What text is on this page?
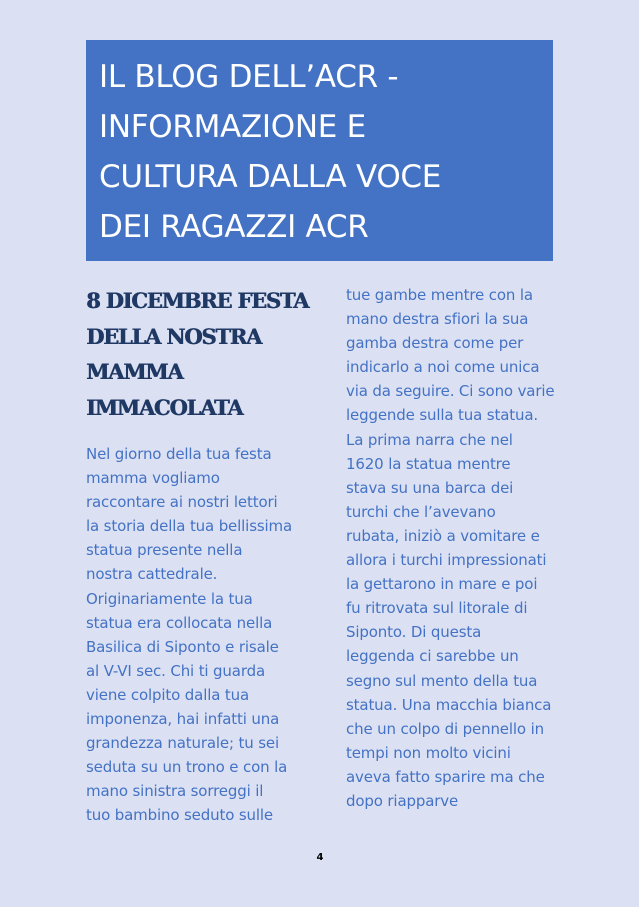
IL BLOG DELL’ACR -
INFORMAZIONE E
CULTURA DALLA VOCE
DEI RAGAZZI ACR
8 DICEMBRE FESTA
DELLA NOSTRA
MAMMA
IMMACOLATA
Nel giorno della tua festa
mamma vogliamo
raccontare ai nostri lettori
la storia della tua bellissima
statua presente nella
nostra cattedrale.
Originariamente la tua
statua era collocata nella
Basilica di Siponto e risale
al V-VI sec. Chi ti guarda
viene colpito dalla tua
imponenza, hai infatti una
grandezza naturale; tu sei
seduta su un trono e con la
mano sinistra sorreggi il
tuo bambino seduto sulle
tue gambe mentre con la
mano destra sfiori la sua
gamba destra come per
indicarlo a noi come unica
via da seguire. Ci sono varie
leggende sulla tua statua.
La prima narra che nel
1620 la statua mentre
stava su una barca dei
turchi che l’avevano
rubata, iniziò a vomitare e
allora i turchi impressionati
la gettarono in mare e poi
fu ritrovata sul litorale di
Siponto. Di questa
leggenda ci sarebbe un
segno sul mento della tua
statua. Una macchia bianca
che un colpo di pennello in
tempi non molto vicini
aveva fatto sparire ma che
dopo riapparve
4
